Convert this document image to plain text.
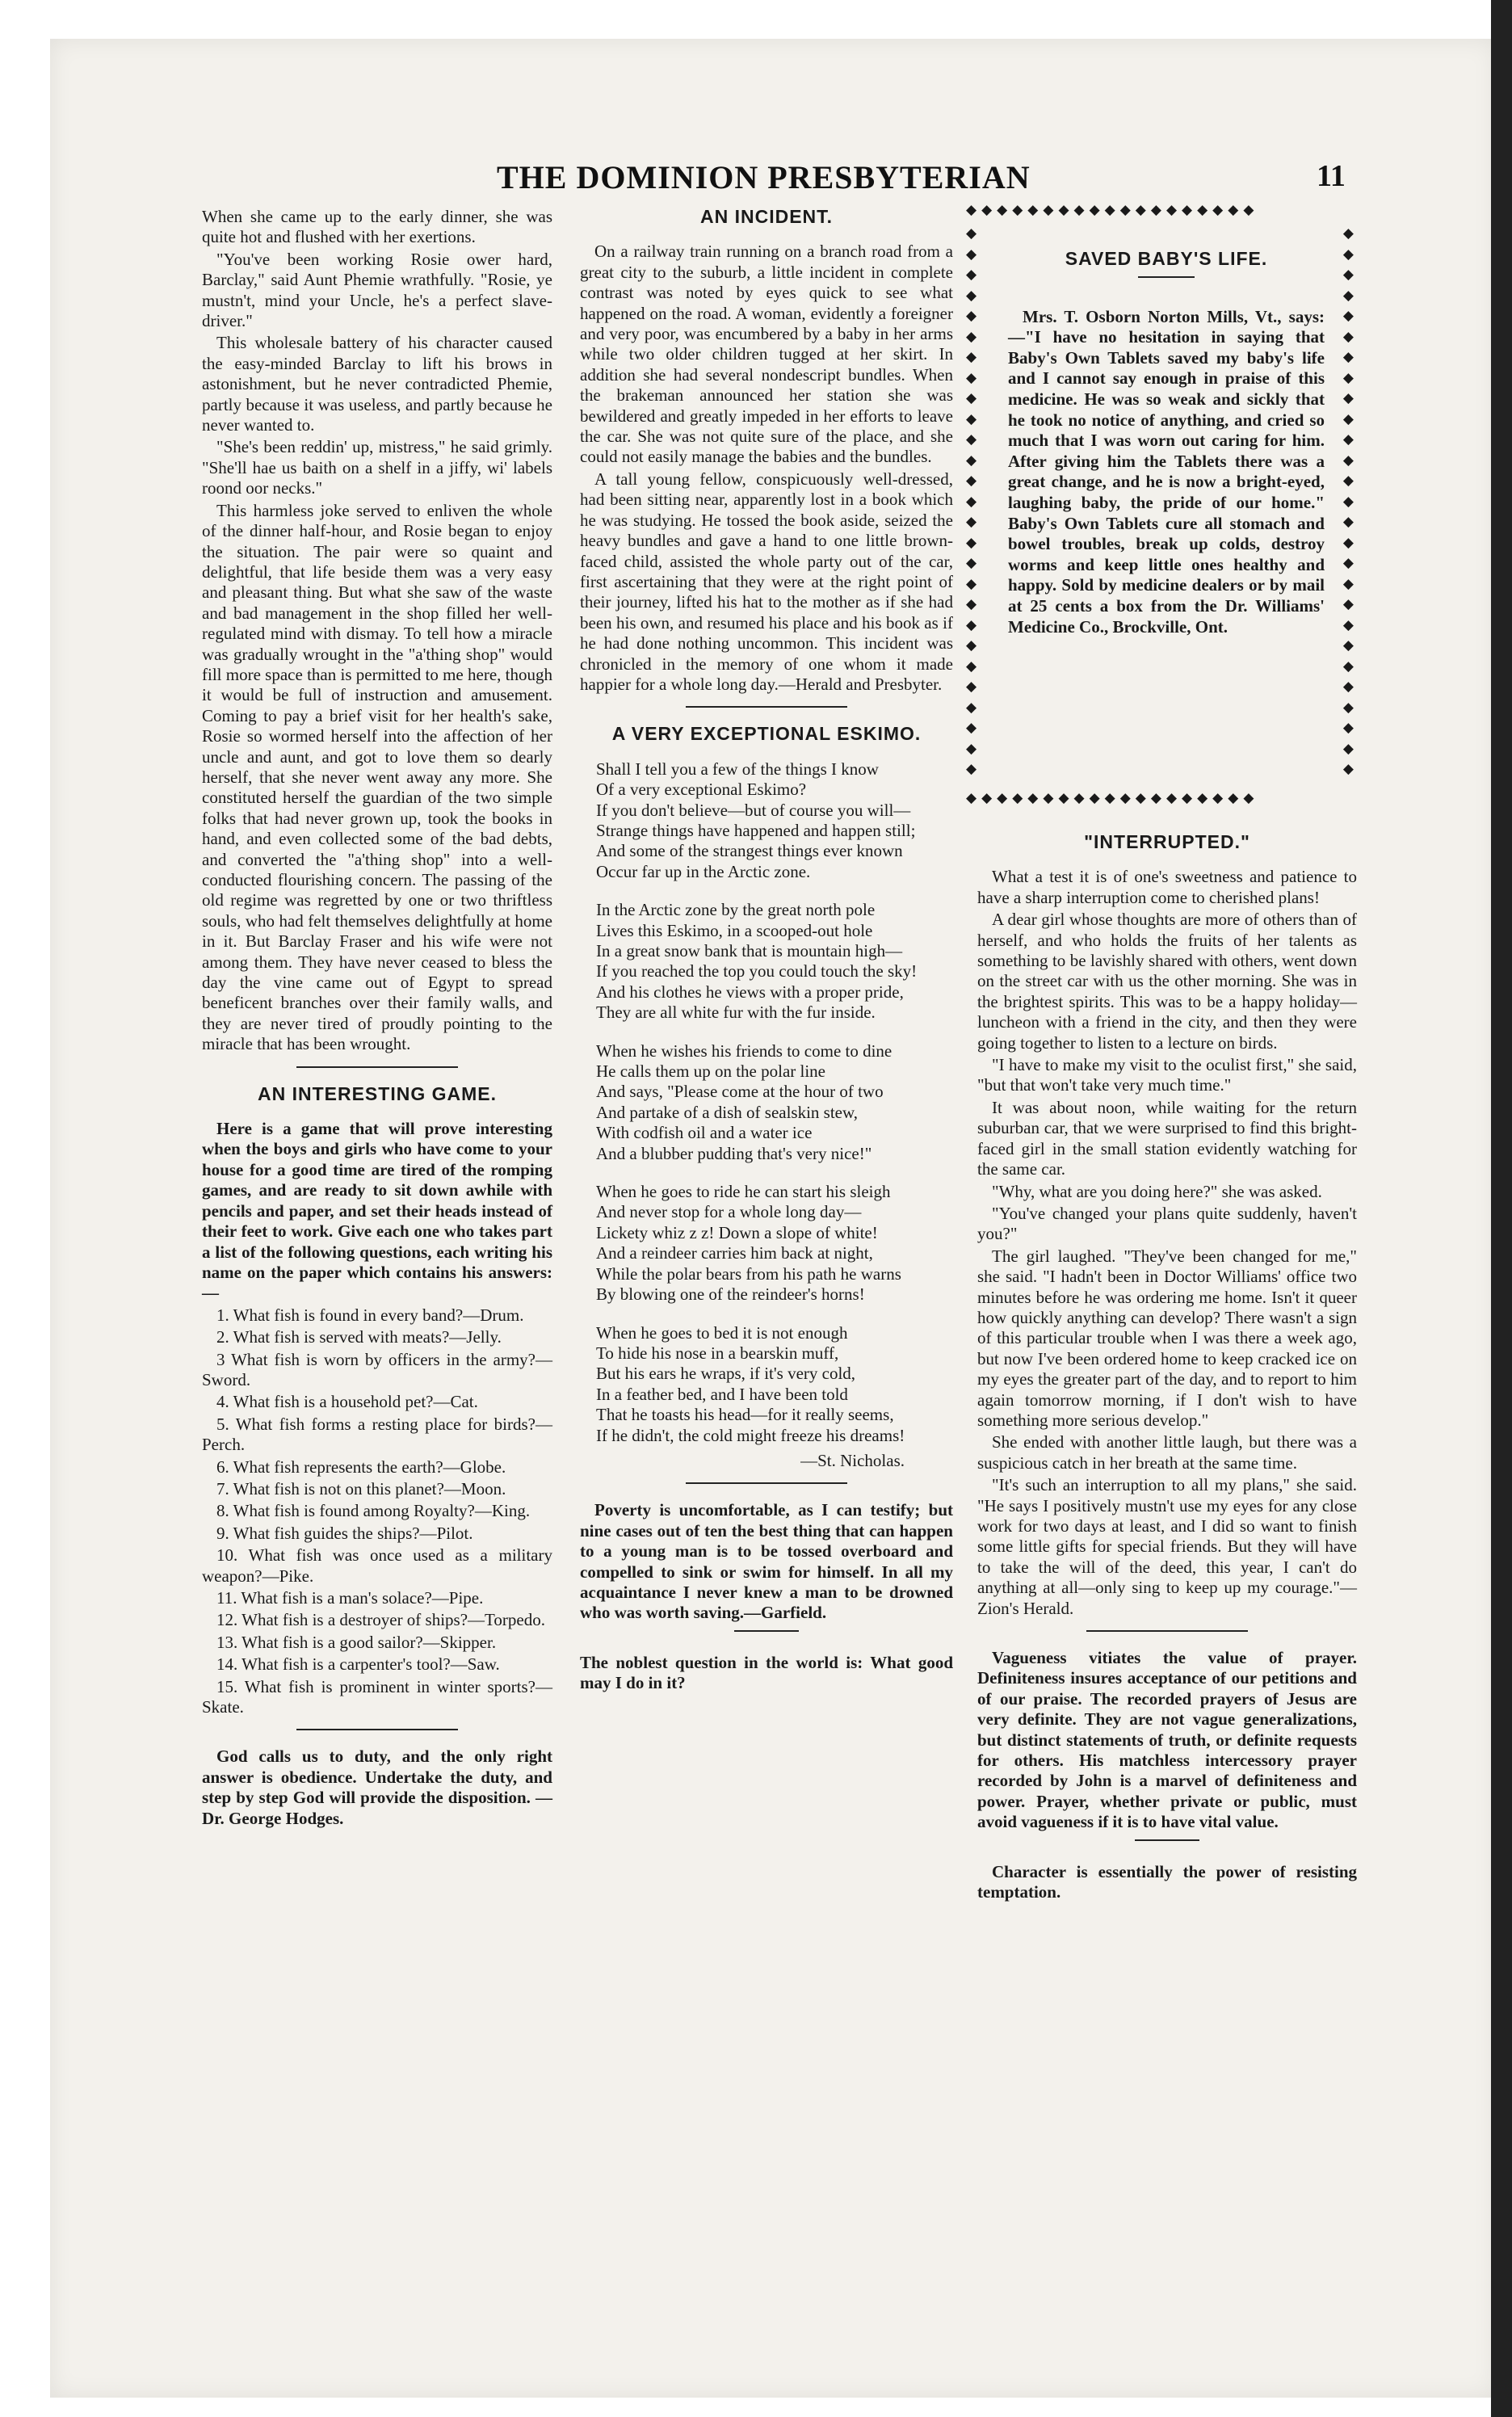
THE DOMINION PRESBYTERIAN	11

When she came up to the early dinner, she was quite hot and flushed with her exertions.

"You've been working Rosie ower hard, Barclay," said Aunt Phemie wrathfully. "Rosie, ye mustn't, mind your Uncle, he's a perfect slave-driver."

This wholesale battery of his character caused the easy-minded Barclay to lift his brows in astonishment, but he never contradicted Phemie, partly because it was useless, and partly because he never wanted to.

"She's been reddin' up, mistress," he said grimly. "She'll hae us baith on a shelf in a jiffy, wi' labels roond oor necks."

This harmless joke served to enliven the whole of the dinner half-hour, and Rosie began to enjoy the situation. The pair were so quaint and delightful, that life beside them was a very easy and pleasant thing. But what she saw of the waste and bad management in the shop filled her well-regulated mind with dismay. To tell how a miracle was gradually wrought in the "a'thing shop" would fill more space than is permitted to me here, though it would be full of instruction and amusement. Coming to pay a brief visit for her health's sake, Rosie so wormed herself into the affection of her uncle and aunt, and got to love them so dearly herself, that she never went away any more. She constituted herself the guardian of the two simple folks that had never grown up, took the books in hand, and even collected some of the bad debts, and converted the "a'thing shop" into a well-conducted flourishing concern. The passing of the old regime was regretted by one or two thriftless souls, who had felt themselves delightfully at home in it. But Barclay Fraser and his wife were not among them. They have never ceased to bless the day the vine came out of Egypt to spread beneficent branches over their family walls, and they are never tired of proudly pointing to the miracle that has been wrought.

AN INTERESTING GAME.

Here is a game that will prove interesting when the boys and girls who have come to your house for a good time are tired of the romping games, and are ready to sit down awhile with pencils and paper, and set their heads instead of their feet to work. Give each one who takes part a list of the following questions, each writing his name on the paper which contains his answers:—

1. What fish is found in every band?—Drum.

2. What fish is served with meats?—Jelly.

3 What fish is worn by officers in the army?—Sword.

4. What fish is a household pet?—Cat.

5. What fish forms a resting place for birds?—Perch.

6. What fish represents the earth?—Globe.

7. What fish is not on this planet?—Moon.

8. What fish is found among Royalty?—King.

9. What fish guides the ships?—Pilot.

10. What fish was once used as a military weapon?—Pike.

11. What fish is a man's solace?—Pipe.

12. What fish is a destroyer of ships?—Torpedo.

13. What fish is a good sailor?—Skipper.

14. What fish is a carpenter's tool?—Saw.

15. What fish is prominent in winter sports?—Skate.

God calls us to duty, and the only right answer is obedience. Undertake the duty, and step by step God will provide the disposition. — Dr. George Hodges.

AN INCIDENT.

On a railway train running on a branch road from a great city to the suburb, a little incident in complete contrast was noted by eyes quick to see what happened on the road. A woman, evidently a foreigner and very poor, was encumbered by a baby in her arms while two older children tugged at her skirt. In addition she had several nondescript bundles. When the brakeman announced her station she was bewildered and greatly impeded in her efforts to leave the car. She was not quite sure of the place, and she could not easily manage the babies and the bundles.

A tall young fellow, conspicuously well-dressed, had been sitting near, apparently lost in a book which he was studying. He tossed the book aside, seized the heavy bundles and gave a hand to one little brown-faced child, assisted the whole party out of the car, first ascertaining that they were at the right point of their journey, lifted his hat to the mother as if she had been his own, and resumed his place and his book as if he had done nothing uncommon. This incident was chronicled in the memory of one whom it made happier for a whole long day.—Herald and Presbyter.

A VERY EXCEPTIONAL ESKIMO.
Shall I tell you a few of the things I know
Of a very exceptional Eskimo?
If you don't believe—but of course you will—
Strange things have happened and happen still;
And some of the strangest things ever known
Occur far up in the Arctic zone.
In the Arctic zone by the great north pole
Lives this Eskimo, in a scooped-out hole
In a great snow bank that is mountain high—
If you reached the top you could touch the sky!
And his clothes he views with a proper pride,
They are all white fur with the fur inside.
When he wishes his friends to come to dine
He calls them up on the polar line
And says, "Please come at the hour of two
And partake of a dish of sealskin stew,
With codfish oil and a water ice
And a blubber pudding that's very nice!"
When he goes to ride he can start his sleigh
And never stop for a whole long day—
Lickety whiz z z! Down a slope of white!
And a reindeer carries him back at night,
While the polar bears from his path he warns
By blowing one of the reindeer's horns!
When he goes to bed it is not enough
To hide his nose in a bearskin muff,
But his ears he wraps, if it's very cold,
In a feather bed, and I have been told
That he toasts his head—for it really seems,
If he didn't, the cold might freeze his dreams!
—St. Nicholas.

Poverty is uncomfortable, as I can testify; but nine cases out of ten the best thing that can happen to a young man is to be tossed overboard and compelled to sink or swim for himself. In all my acquaintance I never knew a man to be drowned who was worth saving.—Garfield.

The noblest question in the world is: What good may I do in it?

◆◆◆◆◆◆◆◆◆◆◆◆◆◆◆◆◆◆◆
◆
◆
◆
◆
◆
◆
◆
◆
◆
◆
◆
◆
◆
◆
◆
◆
◆
◆
◆
◆
◆
◆
◆
◆
◆
◆
◆
◆
◆
◆
◆
◆
◆
◆
◆
◆
◆
◆
◆
◆
◆
◆
◆
◆
◆
◆
◆
◆
◆
◆
◆
◆
◆
◆
◆◆◆◆◆◆◆◆◆◆◆◆◆◆◆◆◆◆◆
SAVED BABY'S LIFE.

Mrs. T. Osborn Norton Mills, Vt., says:—"I have no hesitation in saying that Baby's Own Tablets saved my baby's life and I cannot say enough in praise of this medicine. He was so weak and sickly that he took no notice of anything, and cried so much that I was worn out caring for him. After giving him the Tablets there was a great change, and he is now a bright-eyed, laughing baby, the pride of our home." Baby's Own Tablets cure all stomach and bowel troubles, break up colds, destroy worms and keep little ones healthy and happy. Sold by medicine dealers or by mail at 25 cents a box from the Dr. Williams' Medicine Co., Brockville, Ont.

"INTERRUPTED."

What a test it is of one's sweetness and patience to have a sharp interruption come to cherished plans!

A dear girl whose thoughts are more of others than of herself, and who holds the fruits of her talents as something to be lavishly shared with others, went down on the street car with us the other morning. She was in the brightest spirits. This was to be a happy holiday—luncheon with a friend in the city, and then they were going together to listen to a lecture on birds.

"I have to make my visit to the oculist first," she said, "but that won't take very much time."

It was about noon, while waiting for the return suburban car, that we were surprised to find this bright-faced girl in the small station evidently watching for the same car.

"Why, what are you doing here?" she was asked.

"You've changed your plans quite suddenly, haven't you?"

The girl laughed. "They've been changed for me," she said. "I hadn't been in Doctor Williams' office two minutes before he was ordering me home. Isn't it queer how quickly anything can develop? There wasn't a sign of this particular trouble when I was there a week ago, but now I've been ordered home to keep cracked ice on my eyes the greater part of the day, and to report to him again tomorrow morning, if I don't wish to have something more serious develop."

She ended with another little laugh, but there was a suspicious catch in her breath at the same time.

"It's such an interruption to all my plans," she said. "He says I positively mustn't use my eyes for any close work for two days at least, and I did so want to finish some little gifts for special friends. But they will have to take the will of the deed, this year, I can't do anything at all—only sing to keep up my courage."—Zion's Herald.

Vagueness vitiates the value of prayer. Definiteness insures acceptance of our petitions and of our praise. The recorded prayers of Jesus are very definite. They are not vague generalizations, but distinct statements of truth, or definite requests for others. His matchless intercessory prayer recorded by John is a marvel of definiteness and power. Prayer, whether private or public, must avoid vagueness if it is to have vital value.

Character is essentially the power of resisting temptation.
